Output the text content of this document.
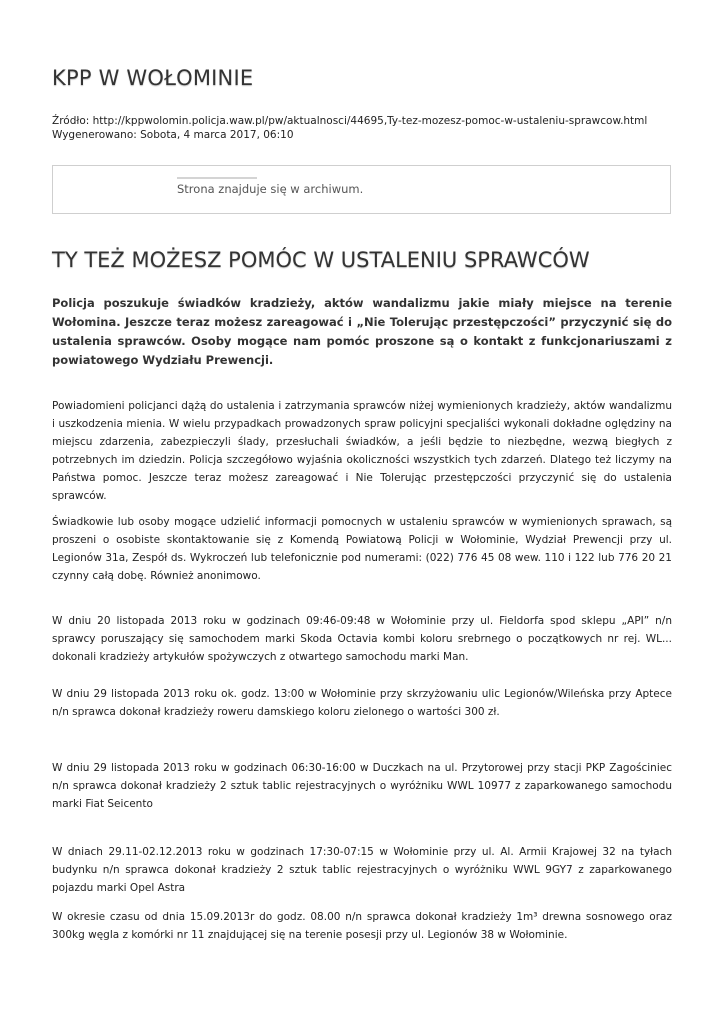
KPP W WOŁOMINIE
Źródło: http://kppwolomin.policja.waw.pl/pw/aktualnosci/44695,Ty-tez-mozesz-pomoc-w-ustaleniu-sprawcow.html
Wygenerowano: Sobota, 4 marca 2017, 06:10
Strona znajduje się w archiwum.
TY TEŻ MOŻESZ POMÓC W USTALENIU SPRAWCÓW

Policja poszukuje świadków kradzieży, aktów wandalizmu jakie miały miejsce na terenie Wołomina. Jeszcze teraz możesz zareagować i „Nie Tolerując przestępczości” przyczynić się do ustalenia sprawców. Osoby mogące nam pomóc proszone są o kontakt z funkcjonariuszami z powiatowego Wydziału Prewencji.

Powiadomieni policjanci dążą do ustalenia i zatrzymania sprawców niżej wymienionych kradzieży, aktów wandalizmu i uszkodzenia mienia. W wielu przypadkach prowadzonych spraw policyjni specjaliści wykonali dokładne oględziny na miejscu zdarzenia, zabezpieczyli ślady, przesłuchali świadków, a jeśli będzie to niezbędne, wezwą biegłych z potrzebnych im dziedzin. Policja szczegółowo wyjaśnia okoliczności wszystkich tych zdarzeń. Dlatego też liczymy na Państwa pomoc. Jeszcze teraz możesz zareagować i Nie Tolerując przestępczości przyczynić się do ustalenia sprawców.

Świadkowie lub osoby mogące udzielić informacji pomocnych w ustaleniu sprawców w wymienionych sprawach, są proszeni o osobiste skontaktowanie się z Komendą Powiatową Policji w Wołominie, Wydział Prewencji przy ul. Legionów 31a, Zespół ds. Wykroczeń lub telefonicznie pod numerami: (022) 776 45 08 wew. 110 i 122 lub 776 20 21 czynny całą dobę. Również anonimowo.

W dniu 20 listopada 2013 roku w godzinach 09:46-09:48 w Wołominie przy ul. Fieldorfa spod sklepu „API” n/n sprawcy poruszający się samochodem marki Skoda Octavia kombi koloru srebrnego o początkowych nr rej. WL... dokonali kradzieży artykułów spożywczych z otwartego samochodu marki Man.

W dniu 29 listopada 2013 roku ok. godz. 13:00 w Wołominie przy skrzyżowaniu ulic Legionów/Wileńska przy Aptece n/n sprawca dokonał kradzieży roweru damskiego koloru zielonego o wartości 300 zł.

W dniu 29 listopada 2013 roku w godzinach 06:30-16:00 w Duczkach na ul. Przytorowej przy stacji PKP Zagościniec n/n sprawca dokonał kradzieży 2 sztuk tablic rejestracyjnych o wyróżniku WWL 10977 z zaparkowanego samochodu marki Fiat Seicento

W dniach 29.11-02.12.2013 roku w godzinach 17:30-07:15 w Wołominie przy ul. Al. Armii Krajowej 32 na tyłach budynku n/n sprawca dokonał kradzieży 2 sztuk tablic rejestracyjnych o wyróżniku WWL 9GY7 z zaparkowanego pojazdu marki Opel Astra

W okresie czasu od dnia 15.09.2013r do godz. 08.00 n/n sprawca dokonał kradzieży 1m³ drewna sosnowego oraz 300kg węgla z komórki nr 11 znajdującej się na terenie posesji przy ul. Legionów 38 w Wołominie.
